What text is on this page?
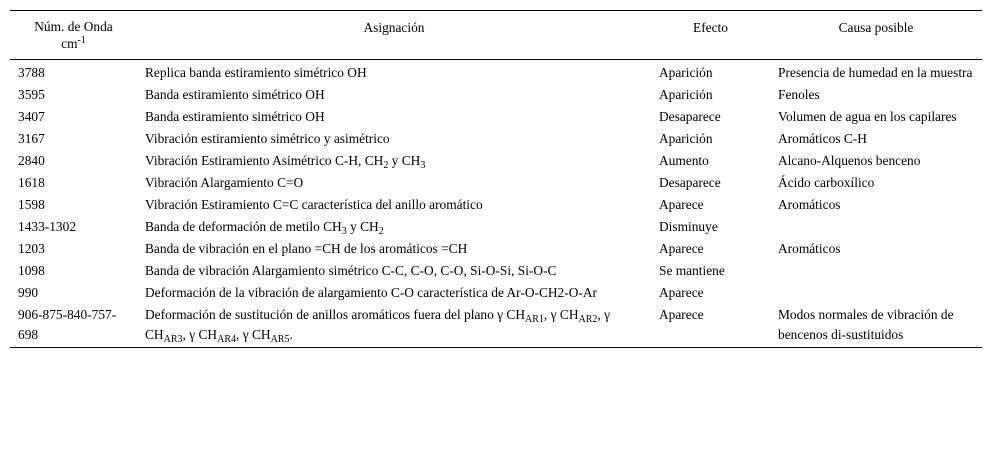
Núm. de Onda
$cm^{-1}$	Asignación	Efecto	Causa posible
3788	Replica banda estiramiento simétrico OH	Aparición	Presencia de humedad en la muestra
3595	Banda estiramiento simétrico OH	Aparición	Fenoles
3407	Banda estiramiento simétrico OH	Desaparece	Volumen de agua en los capilares
3167	Vibración estiramiento simétrico y asimétrico	Aparición	Aromáticos C-H
2840	Vibración Estiramiento Asimétrico C-H, $CH_2$ y $CH_3$	Aumento	Alcano-Alquenos benceno
1618	Vibración Alargamiento C=O	Desaparece	Ácido carboxílico
1598	Vibración Estiramiento C=C característica del anillo aromático	Aparece	Aromáticos
1433-1302	Banda de deformación de metilo $CH_3$ y $CH_2$	Disminuye	
1203	Banda de vibración en el plano =CH de los aromáticos =CH	Aparece	Aromáticos
1098	Banda de vibración Alargamiento simétrico C-C, C-O, C-O, Si-O-Si, Si-O-C	Se mantiene	
990	Deformación de la vibración de alargamiento C-O característica de Ar-O-CH2-O-Ar	Aparece	
906-875-840-757-698	Deformación de sustitución de anillos aromáticos fuera del plano γ $CH_{AR1}$, γ $CH_{AR2}$, γ $CH_{AR3}$, γ $CH_{AR4}$, γ $CH_{AR5}$.	Aparece	Modos normales de vibración de bencenos di-sustituidos
